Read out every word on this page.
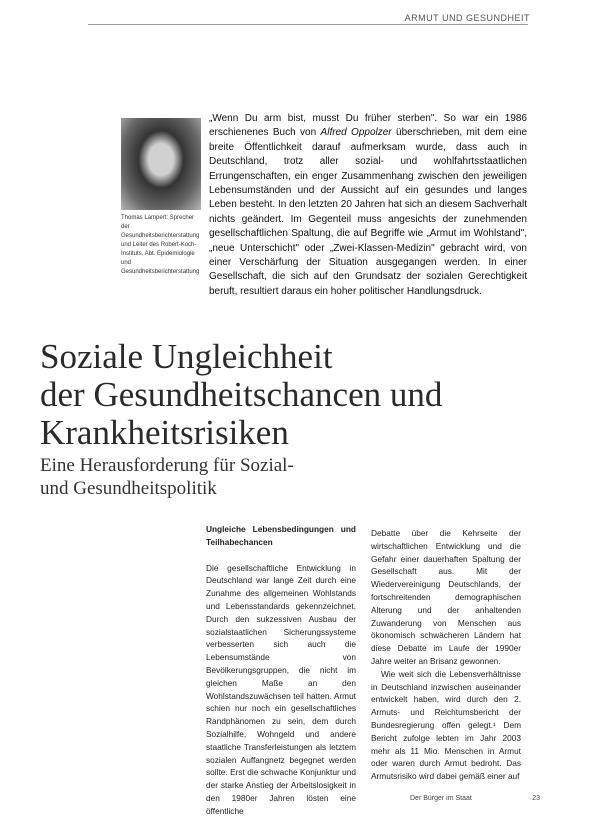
ARMUT UND GESUNDHEIT
Thomas Lampert: Sprecher der Gesundheitsberichterstattung und Leiter des Robert-Koch-Instituts, Abt. Epidemiologie und Gesundheitsberichterstattung
„Wenn Du arm bist, musst Du früher sterben". So war ein 1986 erschienenes Buch von Alfred Oppolzer überschrieben, mit dem eine breite Öffentlichkeit darauf aufmerksam wurde, dass auch in Deutschland, trotz aller sozial- und wohlfahrtsstaatlichen Errungenschaften, ein enger Zusammenhang zwischen den jeweiligen Lebensumständen und der Aussicht auf ein gesundes und langes Leben besteht. In den letzten 20 Jahren hat sich an diesem Sachverhalt nichts geändert. Im Gegenteil muss angesichts der zunehmenden gesellschaftlichen Spaltung, die auf Begriffe wie „Armut im Wohlstand", „neue Unterschicht" oder „Zwei-Klassen-Medizin" gebracht wird, von einer Verschärfung der Situation ausgegangen werden. In einer Gesellschaft, die sich auf den Grundsatz der sozialen Gerechtigkeit beruft, resultiert daraus ein hoher politischer Handlungsdruck.
Soziale Ungleichheit
der Gesundheitschancen und
Krankheitsrisiken
Eine Herausforderung für Sozial-
und Gesundheitspolitik

Ungleiche Lebensbedingungen und Teilhabechancen

Die gesellschaftliche Entwicklung in Deutschland war lange Zeit durch eine Zunahme des allgemeinen Wohlstands und Lebensstandards gekennzeichnet. Durch den sukzessiven Ausbau der sozialstaatlichen Sicherungssysteme verbesserten sich auch die Lebensumstände von Bevölkerungsgruppen, die nicht im gleichen Maße an den Wohlstandszuwächsen teil hatten. Armut schien nur noch ein gesellschaftliches Randphänomen zu sein, dem durch Sozialhilfe, Wohngeld und andere staatliche Transferleistungen als letztem sozialen Auffangnetz begegnet werden sollte. Erst die schwache Konjunktur und der starke Anstieg der Arbeitslosigkeit in den 1980er Jahren lösten eine öffentliche

Debatte über die Kehrseite der wirtschaftlichen Entwicklung und die Gefahr einer dauerhaften Spaltung der Gesellschaft aus. Mit der Wiedervereinigung Deutschlands, der fortschreitenden demographischen Alterung und der anhaltenden Zuwanderung von Menschen aus ökonomisch schwächeren Ländern hat diese Debatte im Laufe der 1990er Jahre weiter an Brisanz gewonnen.

Wie weit sich die Lebensverhältnisse in Deutschland inzwischen auseinander entwickelt haben, wird durch den 2. Armuts- und Reichtumsbericht der Bundesregierung offen gelegt.¹ Dem Bericht zufolge lebten im Jahr 2003 mehr als 11 Mio. Menschen in Armut oder waren durch Armut bedroht. Das Armutsrisiko wird dabei gemäß einer auf

Der Bürger im Staat	23
